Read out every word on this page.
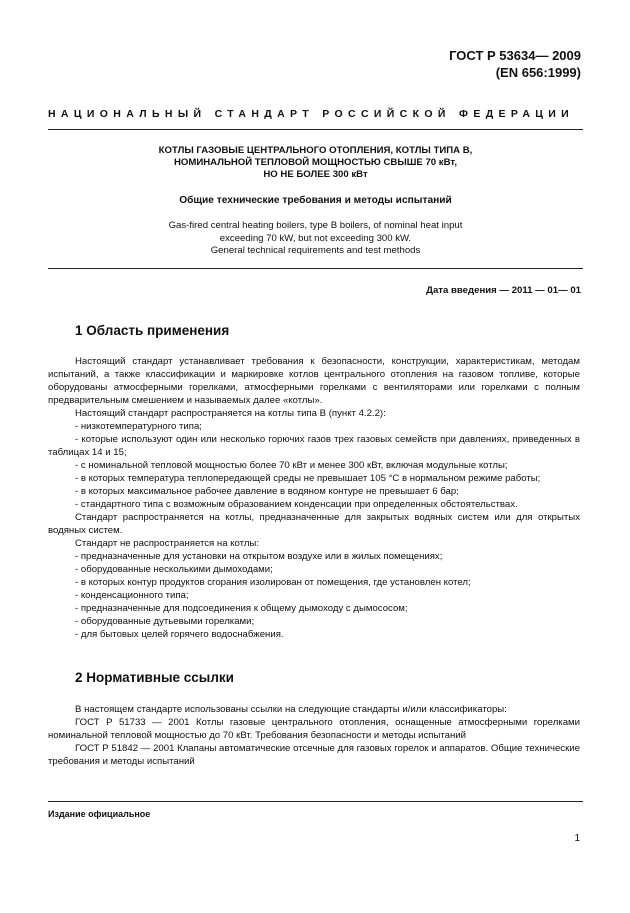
ГОСТ Р 53634— 2009
(EN 656:1999)
НАЦИОНАЛЬНЫЙ СТАНДАРТ РОССИЙСКОЙ ФЕДЕРАЦИИ
КОТЛЫ ГАЗОВЫЕ ЦЕНТРАЛЬНОГО ОТОПЛЕНИЯ, КОТЛЫ ТИПА В,
НОМИНАЛЬНОЙ ТЕПЛОВОЙ МОЩНОСТЬЮ СВЫШЕ 70 кВт,
НО НЕ БОЛЕЕ 300 кВт
Общие технические требования и методы испытаний
Gas-fired central heating boilers, type B boilers, of nominal heat input
exceeding 70 kW, but not exceeding 300 kW.
General technical requirements and test methods
Дата введения — 2011 — 01— 01
1 Область применения

Настоящий стандарт устанавливает требования к безопасности, конструкции, характеристикам, методам испытаний, а также классификации и маркировке котлов центрального отопления на газовом топливе, которые оборудованы атмосферными горелками, атмосферными горелками с вентиляторами или горелками с полным предварительным смешением и называемых далее «котлы».

Настоящий стандарт распространяется на котлы типа В (пункт 4.2.2):

- низкотемпературного типа;

- которые используют один или несколько горючих газов трех газовых семейств при давлениях, приведенных в таблицах 14 и 15;

- с номинальной тепловой мощностью более 70 кВт и менее 300 кВт, включая модульные котлы;

- в которых температура теплопередающей среды не превышает 105 °С в нормальном режиме работы;

- в которых максимальное рабочее давление в водяном контуре не превышает 6 бар;

- стандартного типа с возможным образованием конденсации при определенных обстоятельствах.

Стандарт распространяется на котлы, предназначенные для закрытых водяных систем или для открытых водяных систем.

Стандарт не распространяется на котлы:

- предназначенные для установки на открытом воздухе или в жилых помещениях;

- оборудованные несколькими дымоходами;

- в которых контур продуктов сгорания изолирован от помещения, где установлен котел;

- конденсационного типа;

- предназначенные для подсоединения к общему дымоходу с дымососом;

- оборудованные дутьевыми горелками;

- для бытовых целей горячего водоснабжения.

2 Нормативные ссылки

В настоящем стандарте использованы ссылки на следующие стандарты и/или классификаторы:

ГОСТ Р 51733 — 2001 Котлы газовые центрального отопления, оснащенные атмосферными горелками номинальной тепловой мощностью до 70 кВт. Требования безопасности и методы испытаний

ГОСТ Р 51842 — 2001 Клапаны автоматические отсечные для газовых горелок и аппаратов. Общие технические требования и методы испытаний

Издание официальное
1
